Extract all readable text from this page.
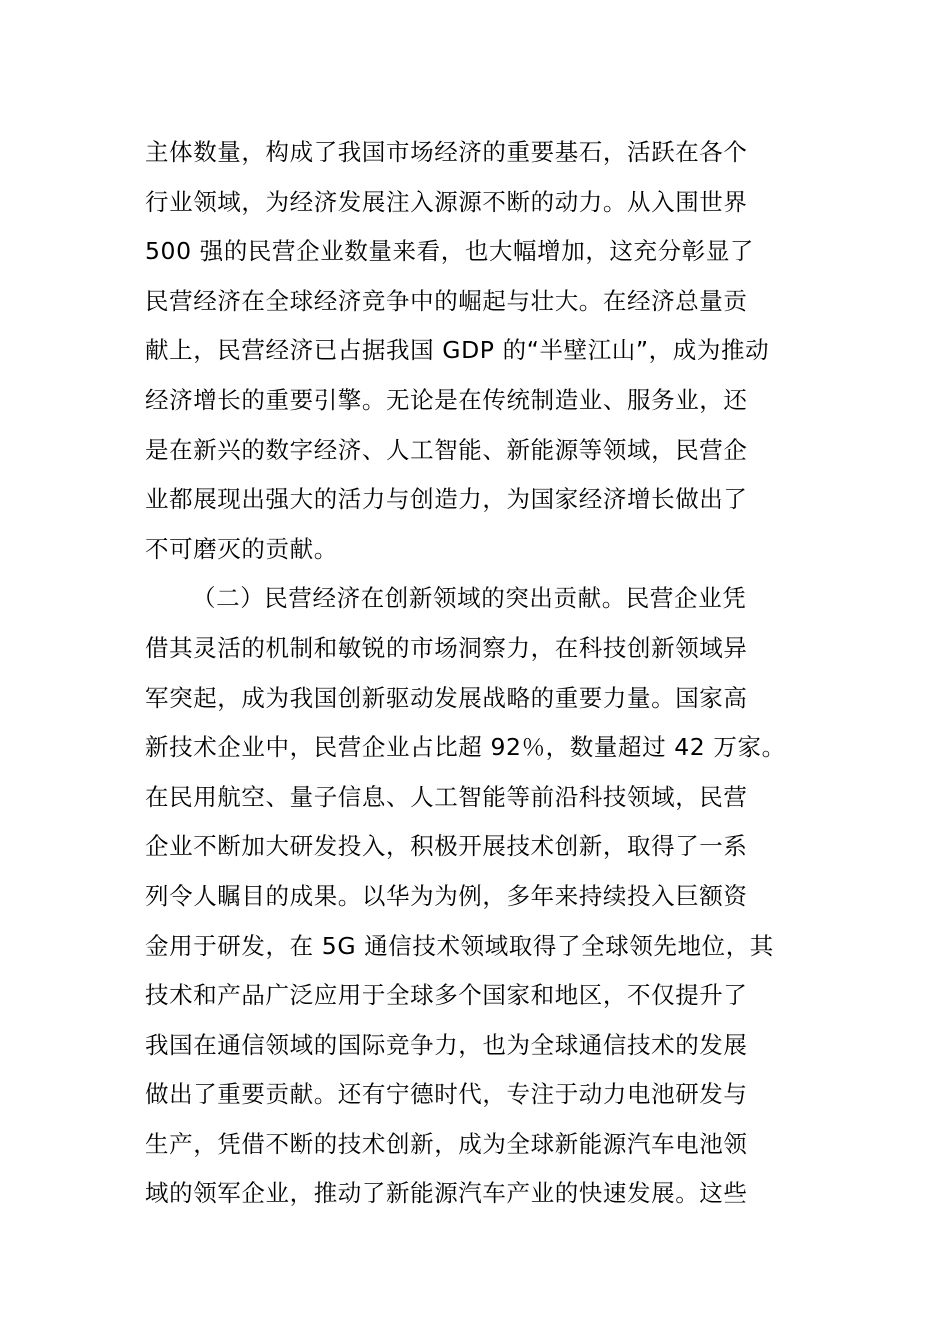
主体数量，构成了我国市场经济的重要基石，活跃在各个
行业领域，为经济发展注入源源不断的动力。从入围世界
500 强的民营企业数量来看，也大幅增加，这充分彰显了
民营经济在全球经济竞争中的崛起与壮大。在经济总量贡
献上，民营经济已占据我国 GDP 的“半壁江山”，成为推动
经济增长的重要引擎。无论是在传统制造业、服务业，还
是在新兴的数字经济、人工智能、新能源等领域，民营企
业都展现出强大的活力与创造力，为国家经济增长做出了
不可磨灭的贡献。
（二）民营经济在创新领域的突出贡献。民营企业凭
借其灵活的机制和敏锐的市场洞察力，在科技创新领域异
军突起，成为我国创新驱动发展战略的重要力量。国家高
新技术企业中，民营企业占比超 92％，数量超过 42 万家。
在民用航空、量子信息、人工智能等前沿科技领域，民营
企业不断加大研发投入，积极开展技术创新，取得了一系
列令人瞩目的成果。以华为为例，多年来持续投入巨额资
金用于研发，在 5G 通信技术领域取得了全球领先地位，其
技术和产品广泛应用于全球多个国家和地区，不仅提升了
我国在通信领域的国际竞争力，也为全球通信技术的发展
做出了重要贡献。还有宁德时代，专注于动力电池研发与
生产，凭借不断的技术创新，成为全球新能源汽车电池领
域的领军企业，推动了新能源汽车产业的快速发展。这些
